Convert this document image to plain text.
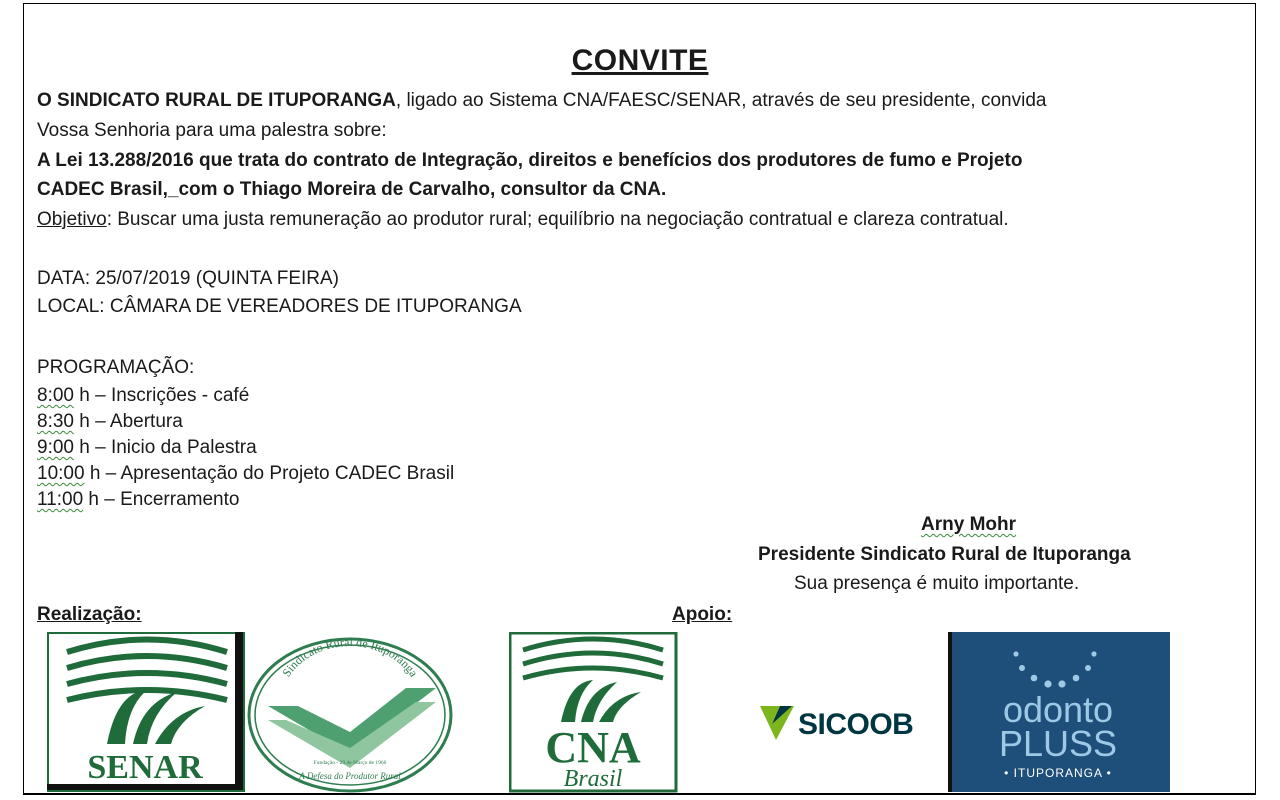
CONVITE
O SINDICATO RURAL DE ITUPORANGA, ligado ao Sistema CNA/FAESC/SENAR, através de seu presidente, convida
Vossa Senhoria para uma palestra sobre:
A Lei 13.288/2016 que trata do contrato de Integração, direitos e benefícios dos produtores de fumo e Projeto
CADEC Brasil,_com o Thiago Moreira de Carvalho, consultor da CNA.
Objetivo: Buscar uma justa remuneração ao produtor rural; equilíbrio na negociação contratual e clareza contratual.
DATA: 25/07/2019 (QUINTA FEIRA)
LOCAL: CÂMARA DE VEREADORES DE ITUPORANGA
PROGRAMAÇÃO:
8:00 h – Inscrições - café
8:30 h – Abertura
9:00 h – Inicio da Palestra
10:00 h – Apresentação do Projeto CADEC Brasil
11:00 h – Encerramento
Arny Mohr
Presidente Sindicato Rural de Ituporanga
Sua presença é muito importante.
Realização:	Apoio:
SENAR
Sindicato Rural de Ituporanga
Fundação - 29 de Março de 1966
A Defesa do Produtor Rural
CNA
Brasil
SICOOB odonto
PLUSS
• ITUPORANGA •
